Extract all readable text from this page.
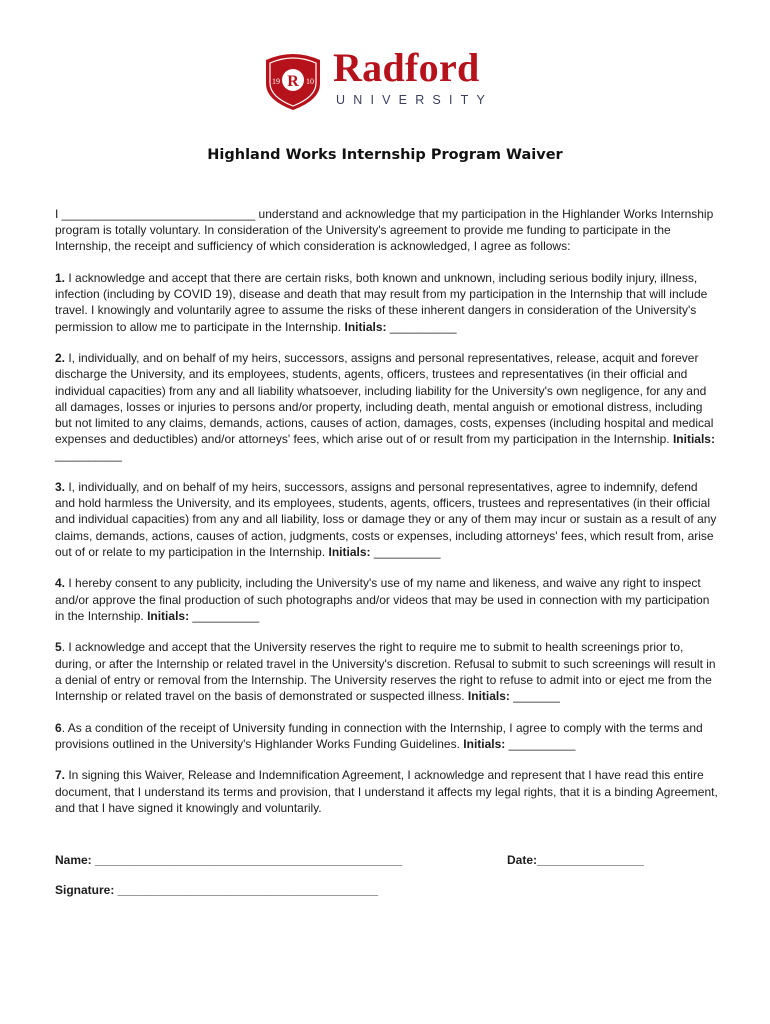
R
19	10 Radford
UNIVERSITY
Highland Works Internship Program Waiver

I _____________________________ understand and acknowledge that my participation in the Highlander Works Internship program is totally voluntary. In consideration of the University's agreement to provide me funding to participate in the Internship, the receipt and sufficiency of which consideration is acknowledged, I agree as follows:

1. I acknowledge and accept that there are certain risks, both known and unknown, including serious bodily injury, illness, infection (including by COVID 19), disease and death that may result from my participation in the Internship that will include travel. I knowingly and voluntarily agree to assume the risks of these inherent dangers in consideration of the University's permission to allow me to participate in the Internship. Initials: __________

2. I, individually, and on behalf of my heirs, successors, assigns and personal representatives, release, acquit and forever discharge the University, and its employees, students, agents, officers, trustees and representatives (in their official and individual capacities) from any and all liability whatsoever, including liability for the University's own negligence, for any and all damages, losses or injuries to persons and/or property, including death, mental anguish or emotional distress, including but not limited to any claims, demands, actions, causes of action, damages, costs, expenses (including hospital and medical expenses and deductibles) and/or attorneys' fees, which arise out of or result from my participation in the Internship. Initials: __________

3. I, individually, and on behalf of my heirs, successors, assigns and personal representatives, agree to indemnify, defend and hold harmless the University, and its employees, students, agents, officers, trustees and representatives (in their official and individual capacities) from any and all liability, loss or damage they or any of them may incur or sustain as a result of any claims, demands, actions, causes of action, judgments, costs or expenses, including attorneys' fees, which result from, arise out of or relate to my participation in the Internship. Initials: __________

4. I hereby consent to any publicity, including the University's use of my name and likeness, and waive any right to inspect and/or approve the final production of such photographs and/or videos that may be used in connection with my participation in the Internship. Initials: __________

5. I acknowledge and accept that the University reserves the right to require me to submit to health screenings prior to, during, or after the Internship or related travel in the University's discretion. Refusal to submit to such screenings will result in a denial of entry or removal from the Internship. The University reserves the right to refuse to admit into or eject me from the Internship or related travel on the basis of demonstrated or suspected illness. Initials: _______

6. As a condition of the receipt of University funding in connection with the Internship, I agree to comply with the terms and provisions outlined in the University's Highlander Works Funding Guidelines. Initials: __________

7. In signing this Waiver, Release and Indemnification Agreement, I acknowledge and represent that I have read this entire document, that I understand its terms and provision, that I understand it affects my legal rights, that it is a binding Agreement, and that I have signed it knowingly and voluntarily.

Name: ______________________________________________	Date:________________
Signature: _______________________________________
